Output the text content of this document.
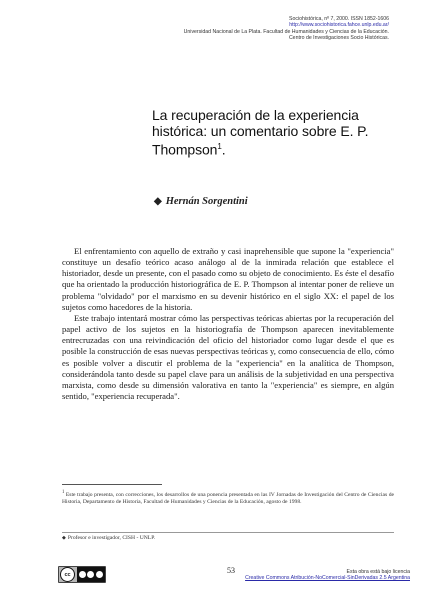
Sociohistórica, nº 7, 2000. ISSN 1852-1606
http://www.sociohistorica.fahce.unlp.edu.ar/
Universidad Nacional de La Plata. Facultad de Humanidades y Ciencias de la Educación.
Centro de Investigaciones Socio Históricas.
La recuperación de la experiencia
histórica: un comentario sobre E. P.
Thompson$^1$.
◆ Hernán Sorgentini

El enfrentamiento con aquello de extraño y casi inaprehensible que supone la "experiencia" constituye un desafío teórico acaso análogo al de la inmirada relación que establece el historiador, desde un presente, con el pasado como su objeto de conocimiento. Es éste el desafío que ha orientado la producción historiográfica de E. P. Thompson al intentar poner de relieve un problema "olvidado" por el marxismo en su devenir histórico en el siglo XX: el papel de los sujetos como hacedores de la historia.

Este trabajo intentará mostrar cómo las perspectivas teóricas abiertas por la recuperación del papel activo de los sujetos en la historiografía de Thompson aparecen inevitablemente entrecruzadas con una reivindicación del oficio del historiador como lugar desde el que es posible la construcción de esas nuevas perspectivas teóricas y, como consecuencia de ello, cómo es posible volver a discutir el problema de la "experiencia" en la analítica de Thompson, considerándola tanto desde su papel clave para un análisis de la subjetividad en una perspectiva marxista, como desde su dimensión valorativa en tanto la "experiencia" es siempre, en algún sentido, "experiencia recuperada".

$^1$ Este trabajo presenta, con correcciones, los desarrollos de una ponencia presentada en las IV Jornadas de Investigación del Centro de Ciencias de Historia, Departamento de Historia, Facultad de Humanidades y Ciencias de la Educación, agosto de 1998.
◆ Profesor e investigador, CISH - UNLP.
cc	53	Esta obra está bajo licencia
Creative Commons Atribución-NoComercial-SinDerivadas 2.5 Argentina
